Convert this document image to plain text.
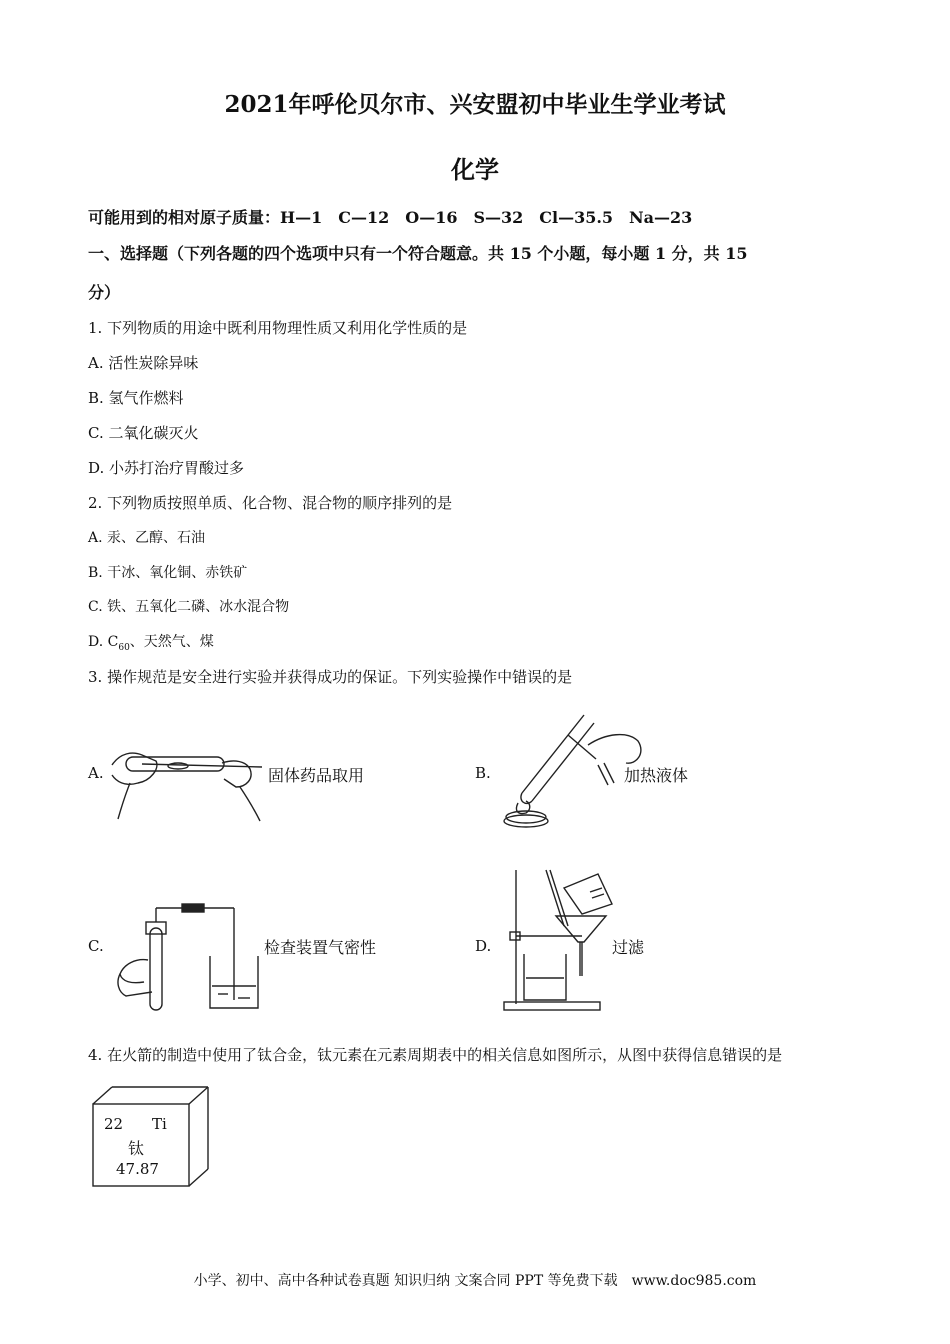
2021年呼伦贝尔市、兴安盟初中毕业生学业考试
化学
可能用到的相对原子质量：H—1　C—12　O—16　S—32　Cl—35.5　Na—23
一、选择题（下列各题的四个选项中只有一个符合题意。共 15 个小题，每小题 1 分，共 15
分）
1. 下列物质的用途中既利用物理性质又利用化学性质的是
A. 活性炭除异味
B. 氢气作燃料
C. 二氧化碳灭火
D. 小苏打治疗胃酸过多
2. 下列物质按照单质、化合物、混合物的顺序排列的是
A. 汞、乙醇、石油
B. 干冰、氧化铜、赤铁矿
C. 铁、五氧化二磷、冰水混合物
D. $C_{60}$、天然气、煤
3. 操作规范是安全进行实验并获得成功的保证。下列实验操作中错误的是
A.	固体药品取用	B.	加热液体
C.	检查装置气密性	D.	过滤
4. 在火箭的制造中使用了钛合金，钛元素在元素周期表中的相关信息如图所示，从图中获得信息错误的是
22 Ti
钛
47.87
小学、初中、高中各种试卷真题 知识归纳 文案合同 PPT 等免费下载　www.doc985.com
